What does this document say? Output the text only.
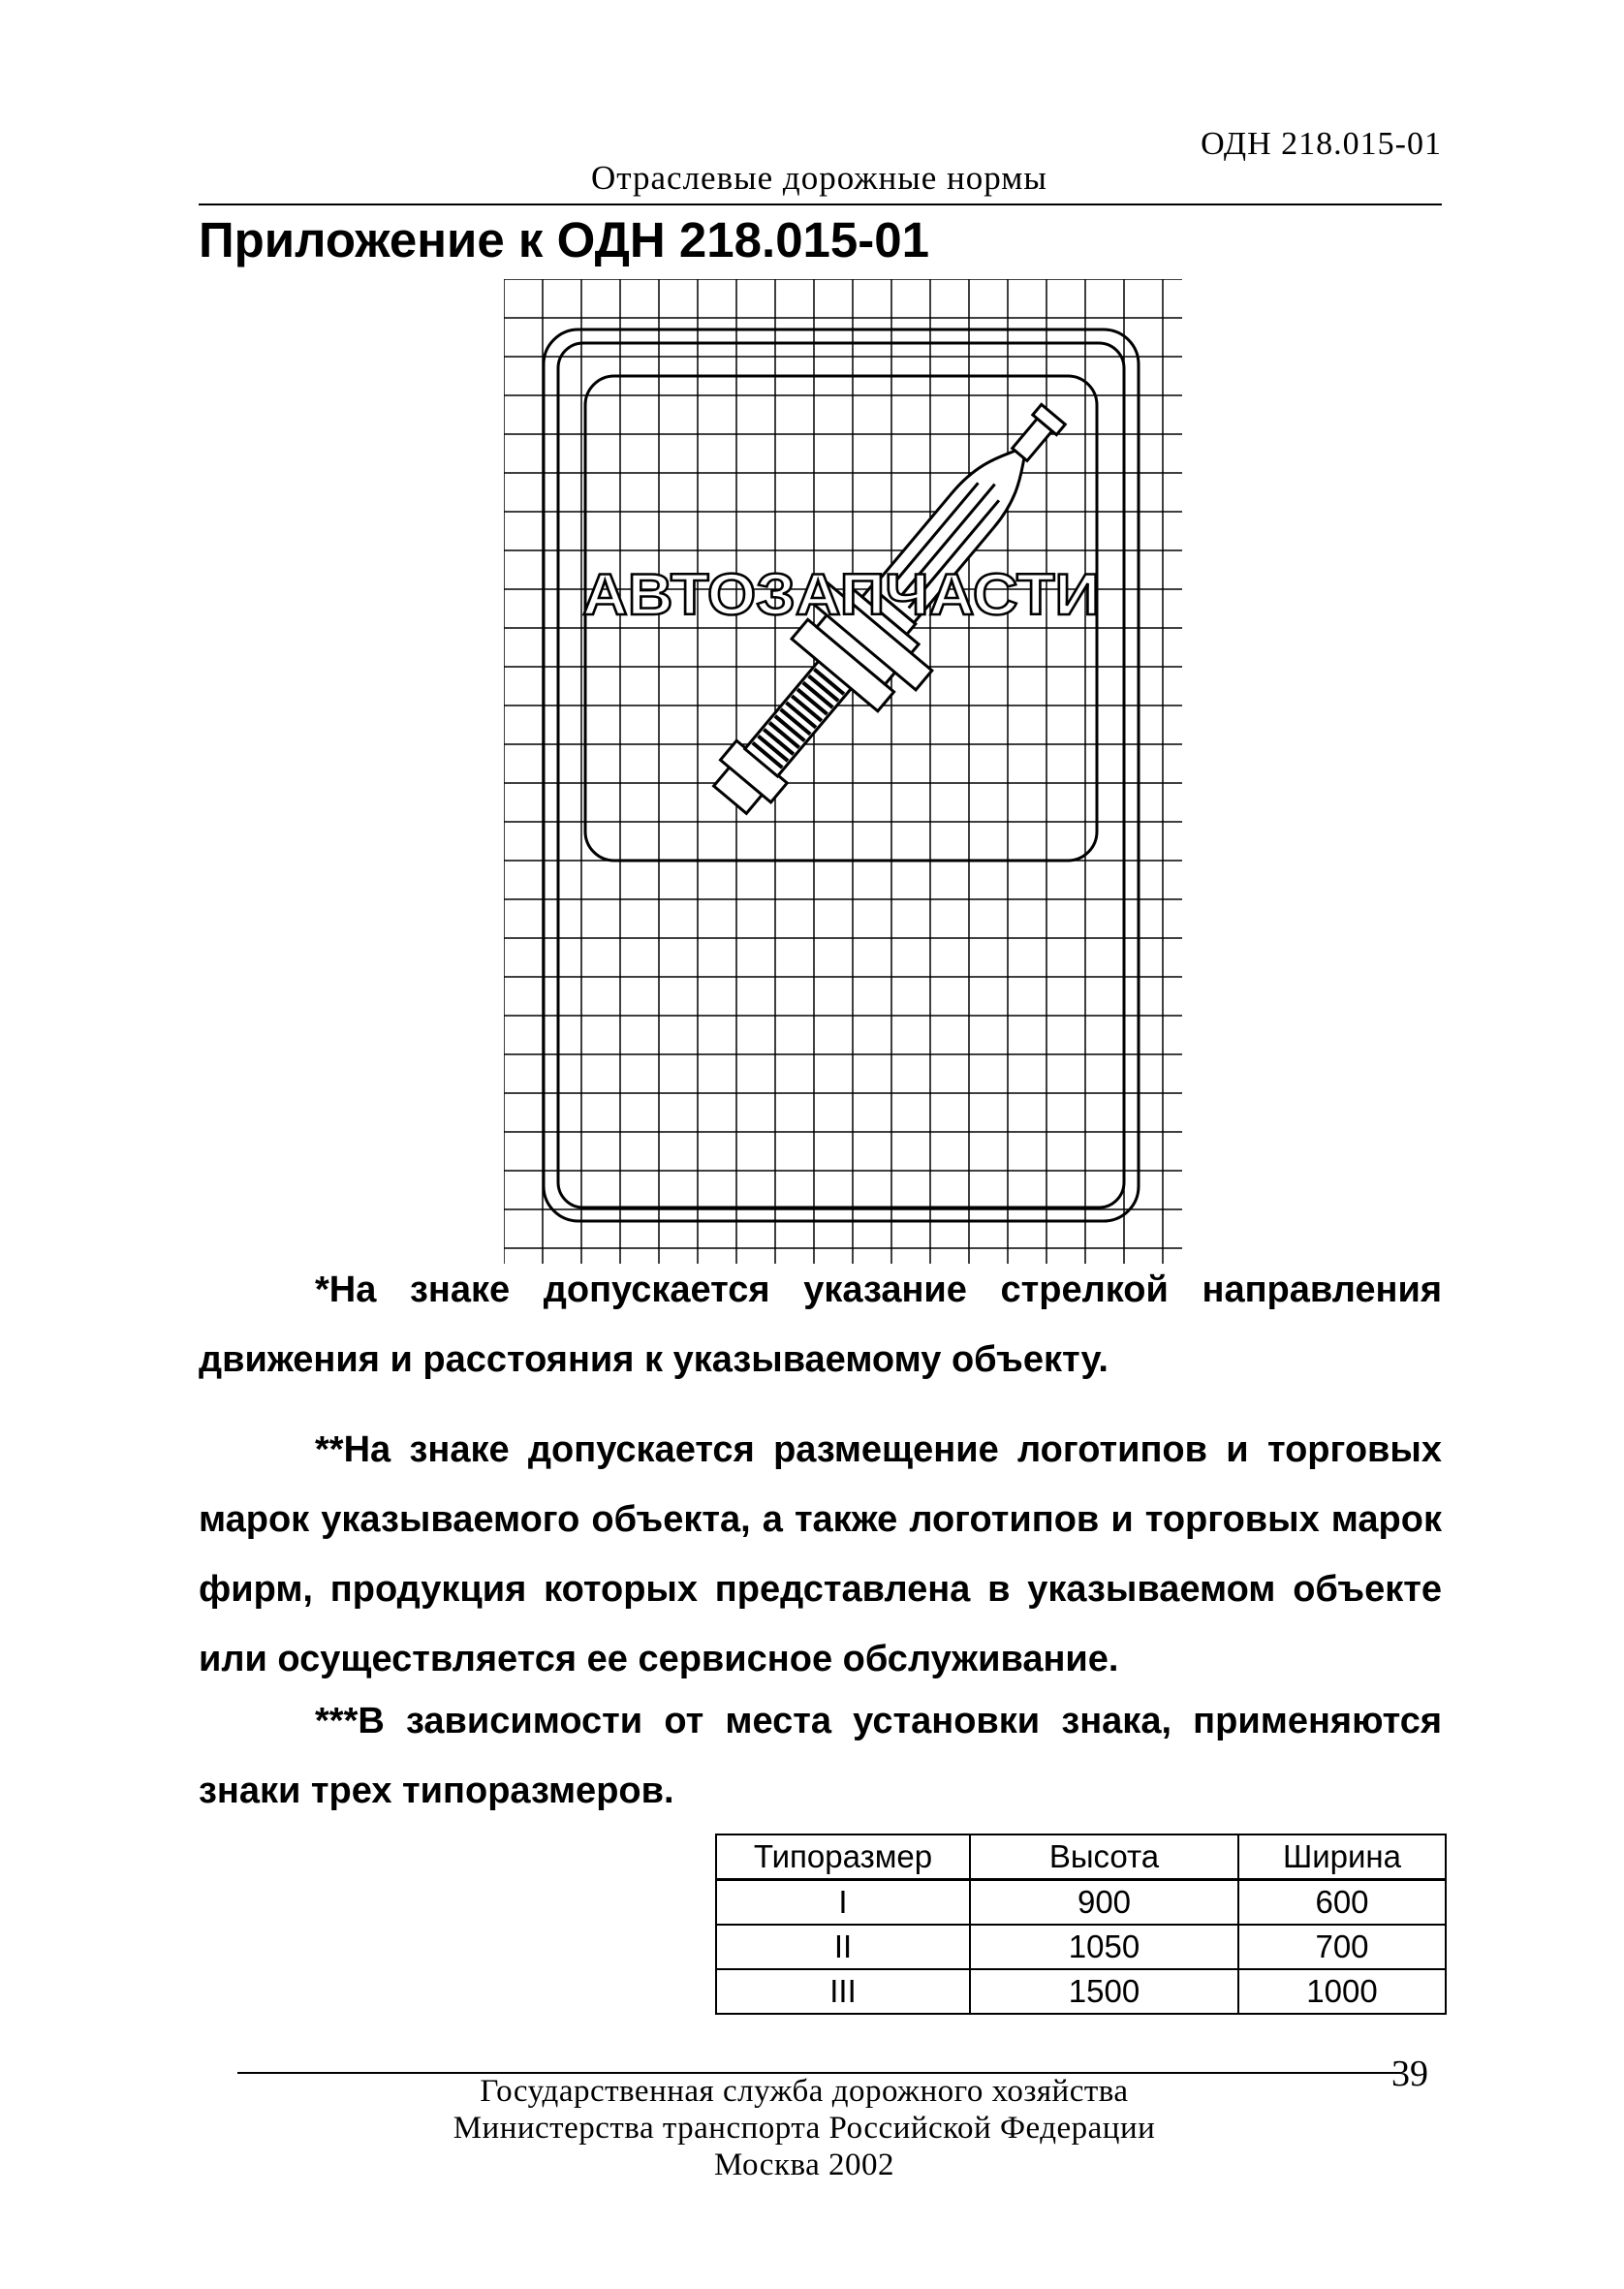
ОДН 218.015-01
Отраслевые дорожные нормы
Приложение к ОДН 218.015-01
АВТОЗАПЧАСТИ

*На знаке допускается указание стрелкой направления движения и расстояния к указываемому объекту.

**На знаке допускается размещение логотипов и торговых марок указываемого объекта, а также логотипов и торговых марок фирм, продукция которых представлена в указываемом объекте или осуществляется ее сервисное обслуживание.

***В зависимости от места установки знака, применяются знаки трех типоразмеров.

Типоразмер	Высота	Ширина
I	900	600
II	1050	700
III	1500	1000
39
Государственная служба дорожного хозяйства
Министерства транспорта Российской Федерации
Москва 2002
